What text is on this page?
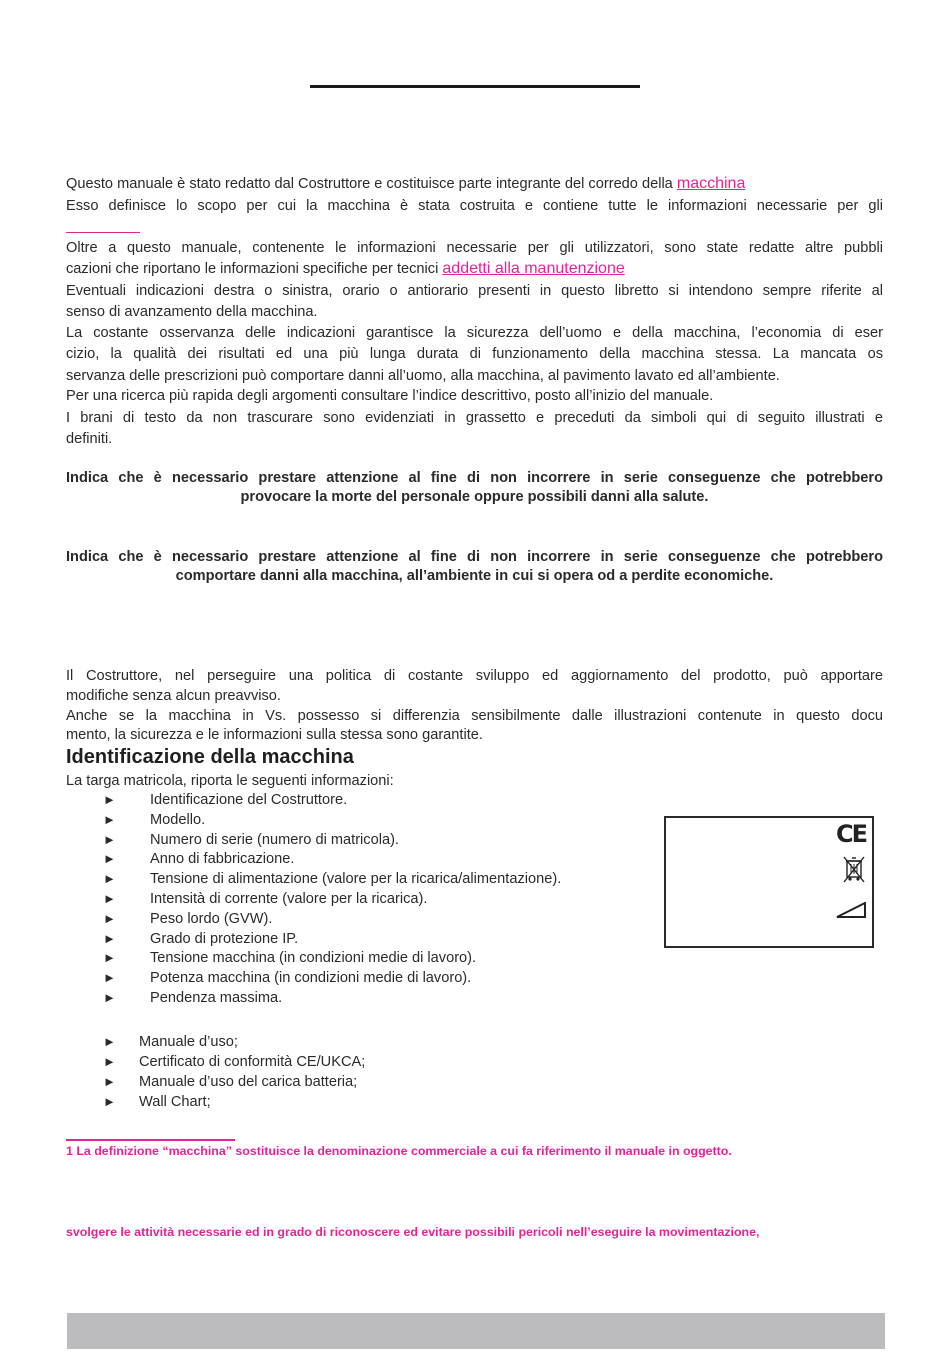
Questo manuale è stato redatto dal Costruttore e costituisce parte integrante del corredo della macchina
Esso definisce lo scopo per cui la macchina è stata costruita e contiene tutte le informazioni necessarie per gli
Oltre a questo manuale, contenente le informazioni necessarie per gli utilizzatori, sono state redatte altre pubbli
cazioni che riportano le informazioni specifiche per tecnici addetti alla manutenzione
Eventuali indicazioni destra o sinistra, orario o antiorario presenti in questo libretto si intendono sempre riferite al
senso di avanzamento della macchina.
La costante osservanza delle indicazioni garantisce la sicurezza dell’uomo e della macchina, l’economia di eser
cizio, la qualità dei risultati ed una più lunga durata di funzionamento della macchina stessa. La mancata os
servanza delle prescrizioni può comportare danni all’uomo, alla macchina, al pavimento lavato ed all’ambiente.
Per una ricerca più rapida degli argomenti consultare l’indice descrittivo, posto all’inizio del manuale.
I brani di testo da non trascurare sono evidenziati in grassetto e preceduti da simboli qui di seguito illustrati e
definiti.
Indica che è necessario prestare attenzione al fine di non incorrere in serie conseguenze che potrebbero
provocare la morte del personale oppure possibili danni alla salute.
Indica che è necessario prestare attenzione al fine di non incorrere in serie conseguenze che potrebbero
comportare danni alla macchina, all’ambiente in cui si opera od a perdite economiche.
Il Costruttore, nel perseguire una politica di costante sviluppo ed aggiornamento del prodotto, può apportare
modifiche senza alcun preavviso.
Anche se la macchina in Vs. possesso si differenzia sensibilmente dalle illustrazioni contenute in questo docu
mento, la sicurezza e le informazioni sulla stessa sono garantite.
Identificazione della macchina
La targa matricola, riporta le seguenti informazioni:
► Identificazione del Costruttore.
► Modello.
► Numero di serie (numero di matricola).
► Anno di fabbricazione.
► Tensione di alimentazione (valore per la ricarica/alimentazione).
► Intensità di corrente (valore per la ricarica).
► Peso lordo (GVW).
► Grado di protezione IP.
► Tensione macchina (in condizioni medie di lavoro).
► Potenza macchina (in condizioni medie di lavoro).
► Pendenza massima.
CE
► Manuale d’uso;
► Certificato di conformità CE/UKCA;
► Manuale d’uso del carica batteria;
► Wall Chart;
1 La definizione “macchina” sostituisce la denominazione commerciale a cui fa riferimento il manuale in oggetto.
svolgere le attività necessarie ed in grado di riconoscere ed evitare possibili pericoli nell’eseguire la movimentazione,
